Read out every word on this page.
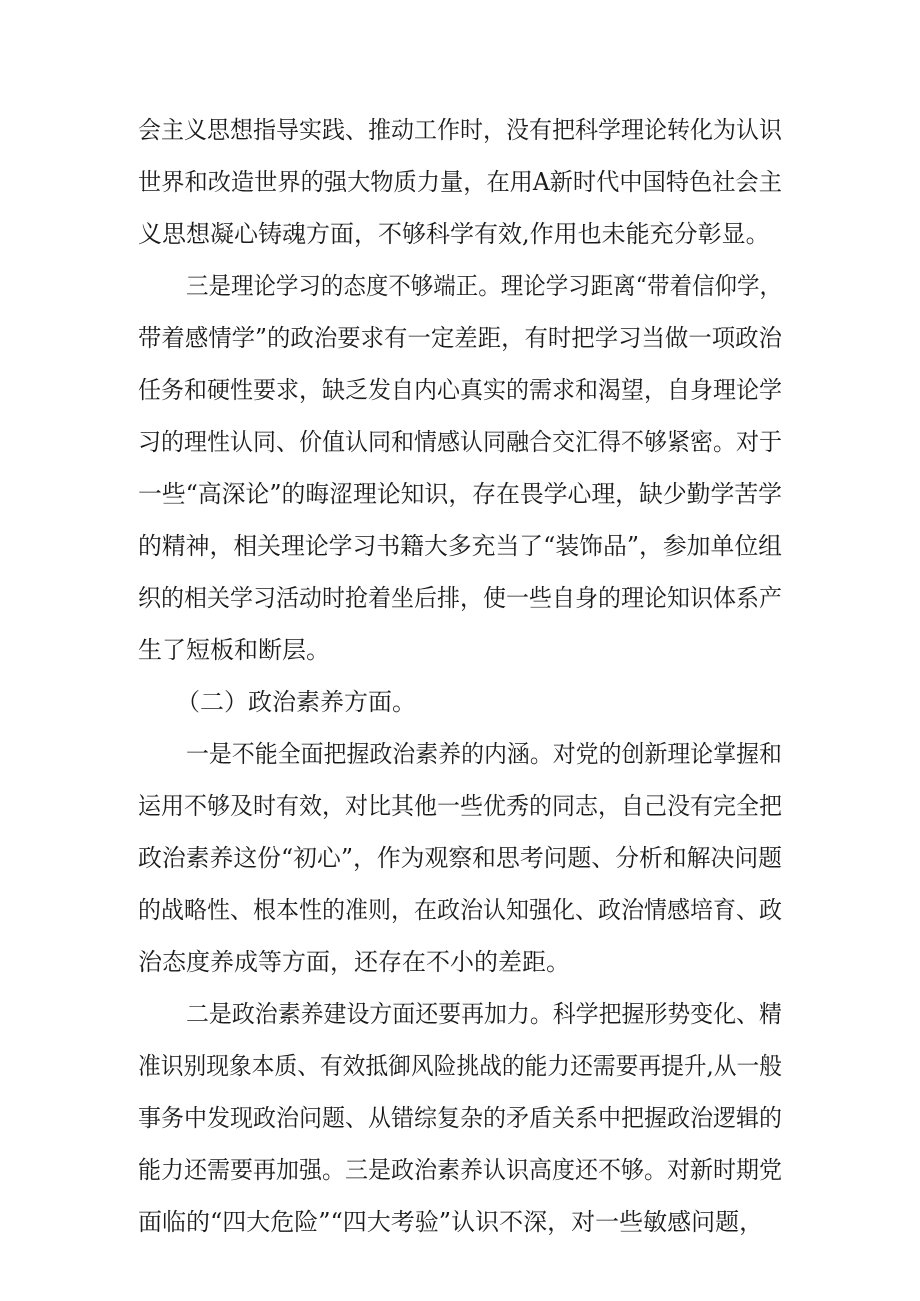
会主义思想指导实践、推动工作时，没有把科学理论转化为认识
世界和改造世界的强大物质力量，在用A新时代中国特色社会主
义思想凝心铸魂方面，不够科学有效,作用也未能充分彰显。
三是理论学习的态度不够端正。理论学习距离“带着信仰学，
带着感情学”的政治要求有一定差距，有时把学习当做一项政治
任务和硬性要求，缺乏发自内心真实的需求和渴望，自身理论学
习的理性认同、价值认同和情感认同融合交汇得不够紧密。对于
一些“高深论”的晦涩理论知识，存在畏学心理，缺少勤学苦学
的精神，相关理论学习书籍大多充当了“装饰品”，参加单位组
织的相关学习活动时抢着坐后排，使一些自身的理论知识体系产
生了短板和断层。
（二）政治素养方面。
一是不能全面把握政治素养的内涵。对党的创新理论掌握和
运用不够及时有效，对比其他一些优秀的同志，自己没有完全把
政治素养这份“初心”，作为观察和思考问题、分析和解决问题
的战略性、根本性的准则，在政治认知强化、政治情感培育、政
治态度养成等方面，还存在不小的差距。
二是政治素养建设方面还要再加力。科学把握形势变化、精
准识别现象本质、有效抵御风险挑战的能力还需要再提升,从一般
事务中发现政治问题、从错综复杂的矛盾关系中把握政治逻辑的
能力还需要再加强。三是政治素养认识高度还不够。对新时期党
面临的“四大危险”“四大考验”认识不深，对一些敏感问题，
